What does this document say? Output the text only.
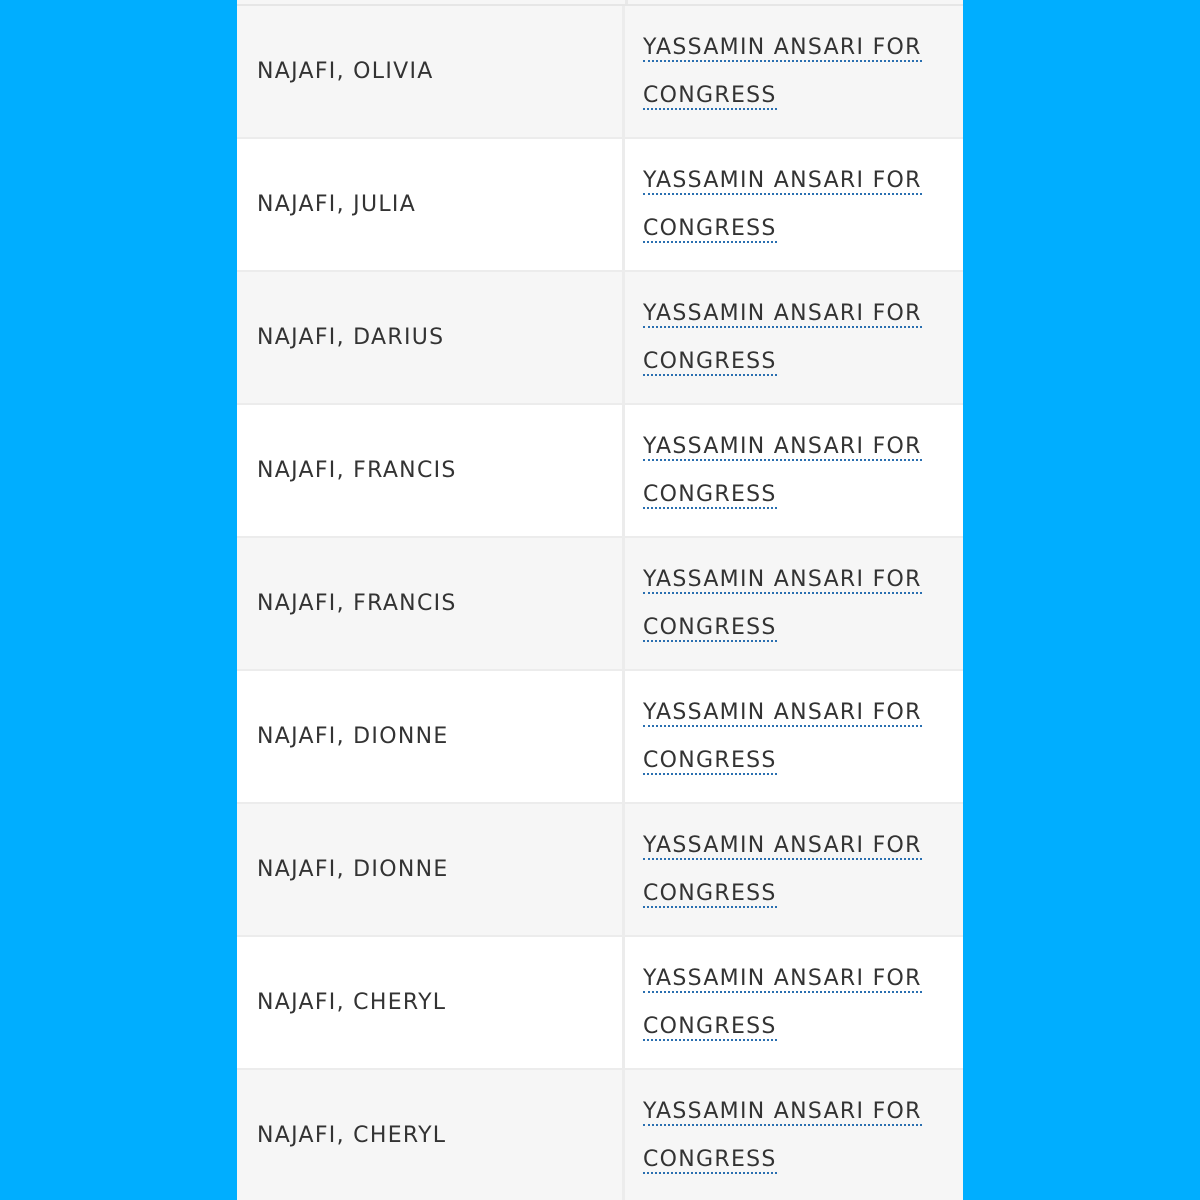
NAJAFI, OLIVIA
YASSAMIN ANSARI FOR CONGRESS
NAJAFI, JULIA
YASSAMIN ANSARI FOR CONGRESS
NAJAFI, DARIUS
YASSAMIN ANSARI FOR CONGRESS
NAJAFI, FRANCIS
YASSAMIN ANSARI FOR CONGRESS
NAJAFI, FRANCIS
YASSAMIN ANSARI FOR CONGRESS
NAJAFI, DIONNE
YASSAMIN ANSARI FOR CONGRESS
NAJAFI, DIONNE
YASSAMIN ANSARI FOR CONGRESS
NAJAFI, CHERYL
YASSAMIN ANSARI FOR CONGRESS
NAJAFI, CHERYL
YASSAMIN ANSARI FOR CONGRESS
